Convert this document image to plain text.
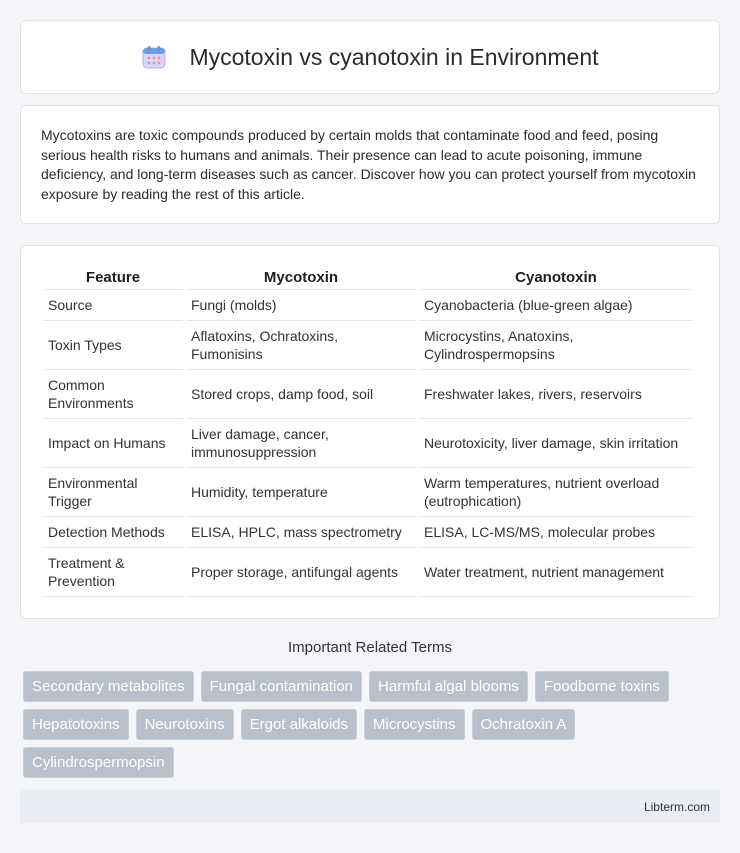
Mycotoxin vs cyanotoxin in Environment

Mycotoxins are toxic compounds produced by certain molds that contaminate food and feed, posing serious health risks to humans and animals. Their presence can lead to acute poisoning, immune deficiency, and long-term diseases such as cancer. Discover how you can protect yourself from mycotoxin exposure by reading the rest of this article.

Feature	Mycotoxin	Cyanotoxin
Source	Fungi (molds)	Cyanobacteria (blue-green algae)
Toxin Types	Aflatoxins, Ochratoxins, Fumonisins	Microcystins, Anatoxins, Cylindrospermopsins
Common Environments	Stored crops, damp food, soil	Freshwater lakes, rivers, reservoirs
Impact on Humans	Liver damage, cancer, immunosuppression	Neurotoxicity, liver damage, skin irritation
Environmental Trigger	Humidity, temperature	Warm temperatures, nutrient overload (eutrophication)
Detection Methods	ELISA, HPLC, mass spectrometry	ELISA, LC-MS/MS, molecular probes
Treatment & Prevention	Proper storage, antifungal agents	Water treatment, nutrient management
Important Related Terms
Secondary metabolites	Fungal contamination	Harmful algal blooms	Foodborne toxins
Hepatotoxins	Neurotoxins	Ergot alkaloids	Microcystins	Ochratoxin A
Cylindrospermopsin
Libterm.com
